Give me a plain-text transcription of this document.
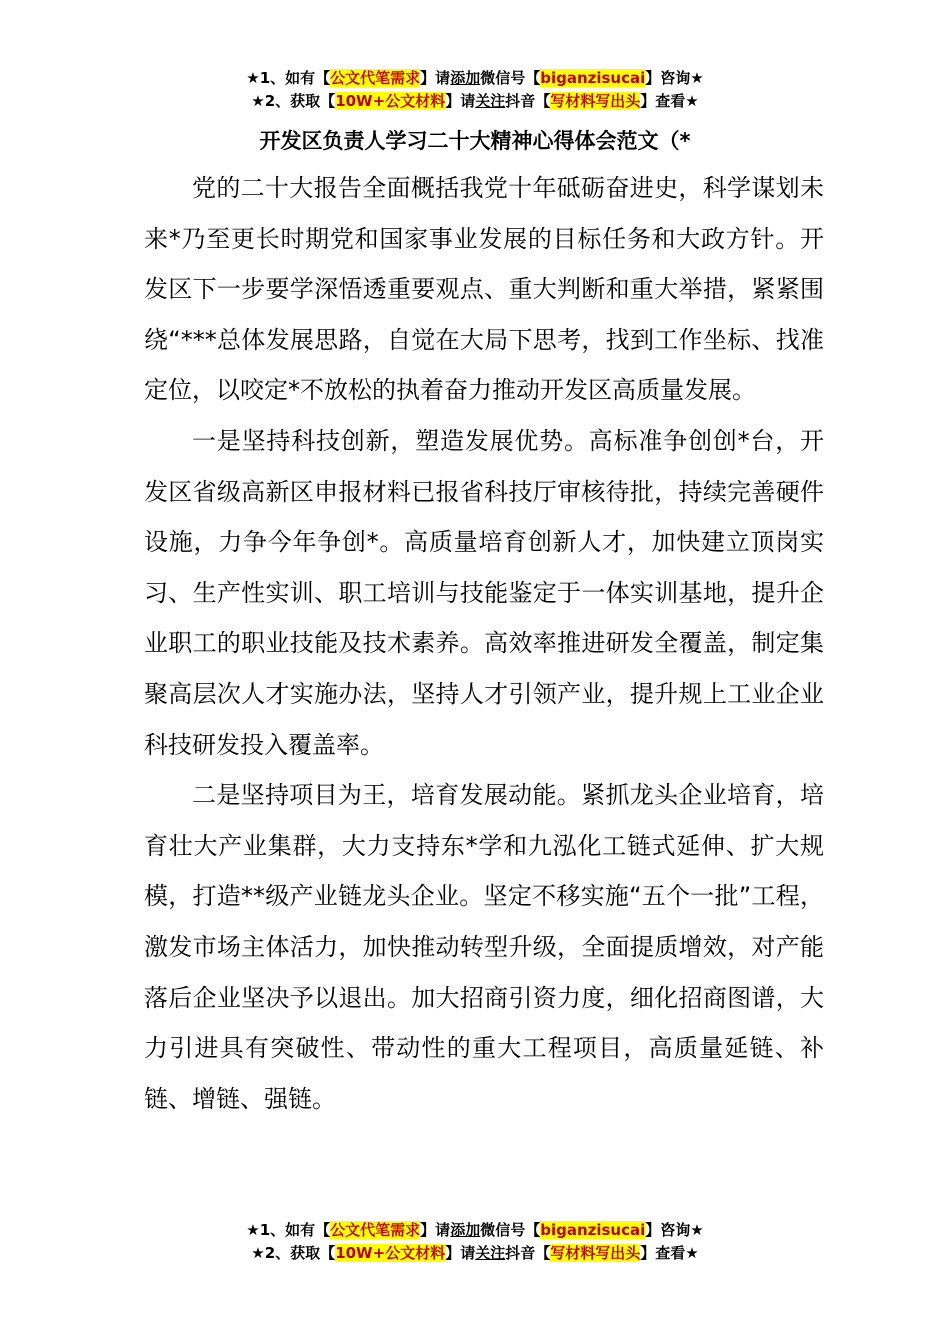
★1、如有【公文代笔需求】请添加微信号【biganzisucai】咨询★
★2、获取【10W+公文材料】请关注抖音【写材料写出头】查看★
开发区负责人学习二十大精神心得体会范文（*

党的二十大报告全面概括我党十年砥砺奋进史，科学谋划未来*乃至更长时期党和国家事业发展的目标任务和大政方针。开发区下一步要学深悟透重要观点、重大判断和重大举措，紧紧围绕“***总体发展思路，自觉在大局下思考，找到工作坐标、找准定位，以咬定*不放松的执着奋力推动开发区高质量发展。

一是坚持科技创新，塑造发展优势。高标准争创创*台，开发区省级高新区申报材料已报省科技厅审核待批，持续完善硬件设施，力争今年争创*。高质量培育创新人才，加快建立顶岗实习、生产性实训、职工培训与技能鉴定于一体实训基地，提升企业职工的职业技能及技术素养。高效率推进研发全覆盖，制定集聚高层次人才实施办法，坚持人才引领产业，提升规上工业企业科技研发投入覆盖率。

二是坚持项目为王，培育发展动能。紧抓龙头企业培育，培育壮大产业集群，大力支持东*学和九泓化工链式延伸、扩大规模，打造**级产业链龙头企业。坚定不移实施“五个一批”工程，激发市场主体活力，加快推动转型升级，全面提质增效，对产能落后企业坚决予以退出。加大招商引资力度，细化招商图谱，大力引进具有突破性、带动性的重大工程项目，高质量延链、补链、增链、强链。

★1、如有【公文代笔需求】请添加微信号【biganzisucai】咨询★
★2、获取【10W+公文材料】请关注抖音【写材料写出头】查看★
